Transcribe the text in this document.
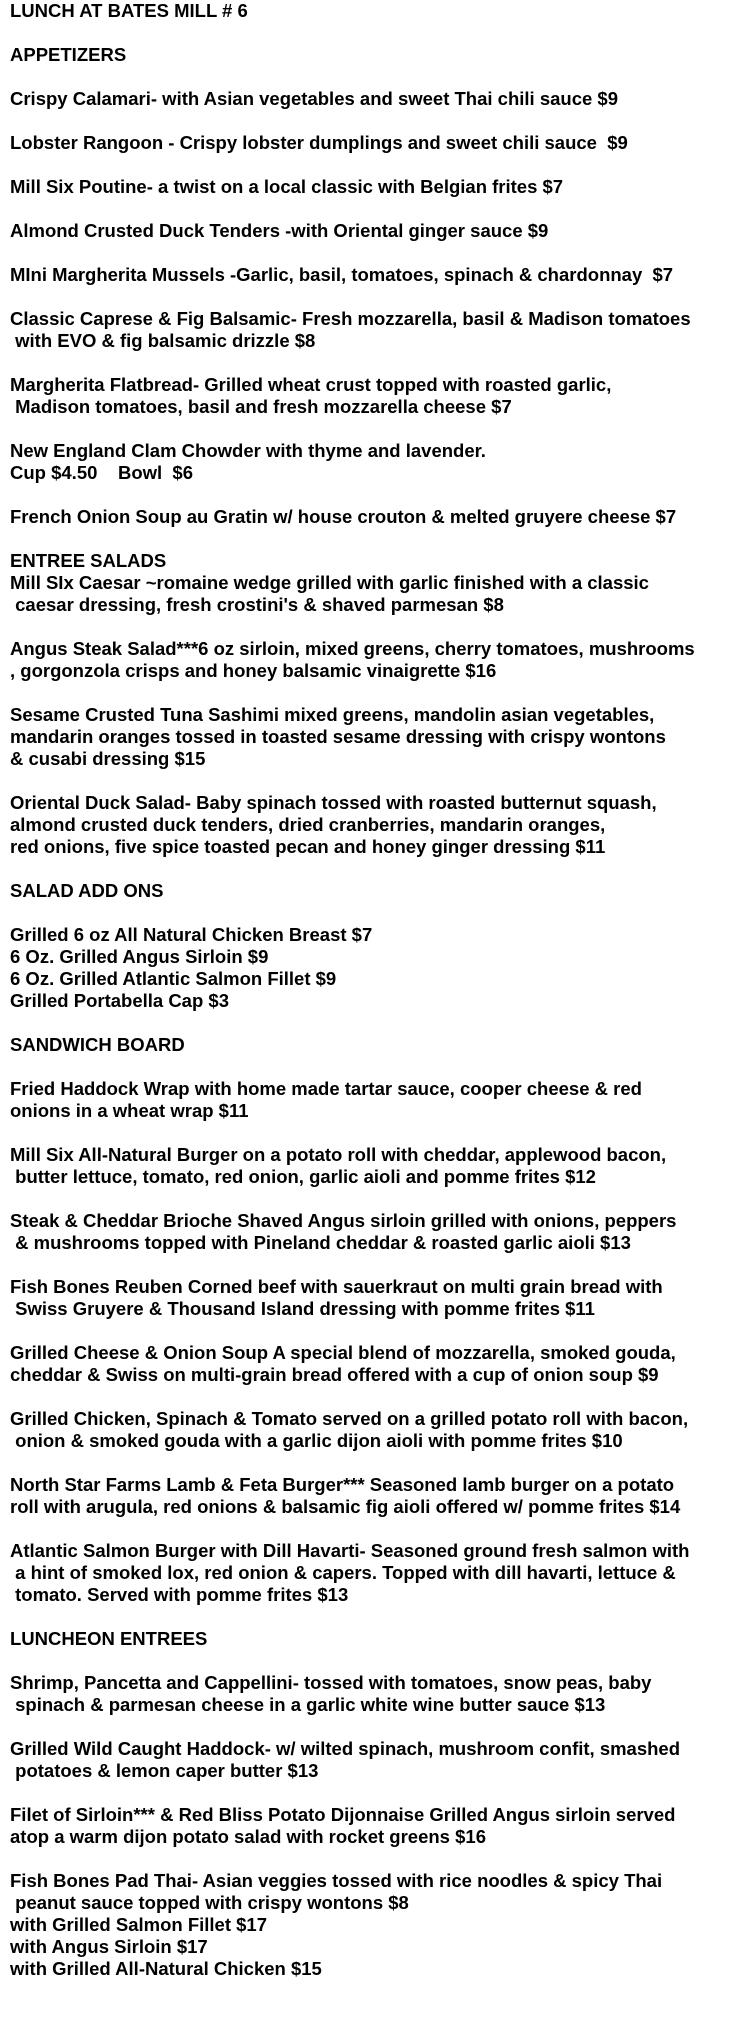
LUNCH AT BATES MILL # 6
APPETIZERS
Crispy Calamari- with Asian vegetables and sweet Thai chili sauce $9
Lobster Rangoon - Crispy lobster dumplings and sweet chili sauce  $9
Mill Six Poutine- a twist on a local classic with Belgian frites $7
Almond Crusted Duck Tenders -with Oriental ginger sauce $9
MIni Margherita Mussels -Garlic, basil, tomatoes, spinach & chardonnay  $7
Classic Caprese & Fig Balsamic- Fresh mozzarella, basil & Madison tomatoes
with EVO & fig balsamic drizzle $8
Margherita Flatbread- Grilled wheat crust topped with roasted garlic,
Madison tomatoes, basil and fresh mozzarella cheese $7
New England Clam Chowder with thyme and lavender.
Cup $4.50    Bowl  $6
French Onion Soup au Gratin w/ house crouton & melted gruyere cheese $7
ENTREE SALADS
Mill SIx Caesar ~romaine wedge grilled with garlic finished with a classic
caesar dressing, fresh crostini's & shaved parmesan $8
Angus Steak Salad***6 oz sirloin, mixed greens, cherry tomatoes, mushrooms
, gorgonzola crisps and honey balsamic vinaigrette $16
Sesame Crusted Tuna Sashimi mixed greens, mandolin asian vegetables,
mandarin oranges tossed in toasted sesame dressing with crispy wontons
& cusabi dressing $15
Oriental Duck Salad- Baby spinach tossed with roasted butternut squash,
almond crusted duck tenders, dried cranberries, mandarin oranges,
red onions, five spice toasted pecan and honey ginger dressing $11
SALAD ADD ONS
Grilled 6 oz All Natural Chicken Breast $7
6 Oz. Grilled Angus Sirloin $9
6 Oz. Grilled Atlantic Salmon Fillet $9
Grilled Portabella Cap $3
SANDWICH BOARD
Fried Haddock Wrap with home made tartar sauce, cooper cheese & red
onions in a wheat wrap $11
Mill Six All-Natural Burger on a potato roll with cheddar, applewood bacon,
butter lettuce, tomato, red onion, garlic aioli and pomme frites $12
Steak & Cheddar Brioche Shaved Angus sirloin grilled with onions, peppers
& mushrooms topped with Pineland cheddar & roasted garlic aioli $13
Fish Bones Reuben Corned beef with sauerkraut on multi grain bread with
Swiss Gruyere & Thousand Island dressing with pomme frites $11
Grilled Cheese & Onion Soup A special blend of mozzarella, smoked gouda,
cheddar & Swiss on multi-grain bread offered with a cup of onion soup $9
Grilled Chicken, Spinach & Tomato served on a grilled potato roll with bacon,
onion & smoked gouda with a garlic dijon aioli with pomme frites $10
North Star Farms Lamb & Feta Burger*** Seasoned lamb burger on a potato
roll with arugula, red onions & balsamic fig aioli offered w/ pomme frites $14
Atlantic Salmon Burger with Dill Havarti- Seasoned ground fresh salmon with
a hint of smoked lox, red onion & capers. Topped with dill havarti, lettuce &
tomato. Served with pomme frites $13
LUNCHEON ENTREES
Shrimp, Pancetta and Cappellini- tossed with tomatoes, snow peas, baby
spinach & parmesan cheese in a garlic white wine butter sauce $13
Grilled Wild Caught Haddock- w/ wilted spinach, mushroom confit, smashed
potatoes & lemon caper butter $13
Filet of Sirloin*** & Red Bliss Potato Dijonnaise Grilled Angus sirloin served
atop a warm dijon potato salad with rocket greens $16
Fish Bones Pad Thai- Asian veggies tossed with rice noodles & spicy Thai
peanut sauce topped with crispy wontons $8
with Grilled Salmon Fillet $17
with Angus Sirloin $17
with Grilled All-Natural Chicken $15
